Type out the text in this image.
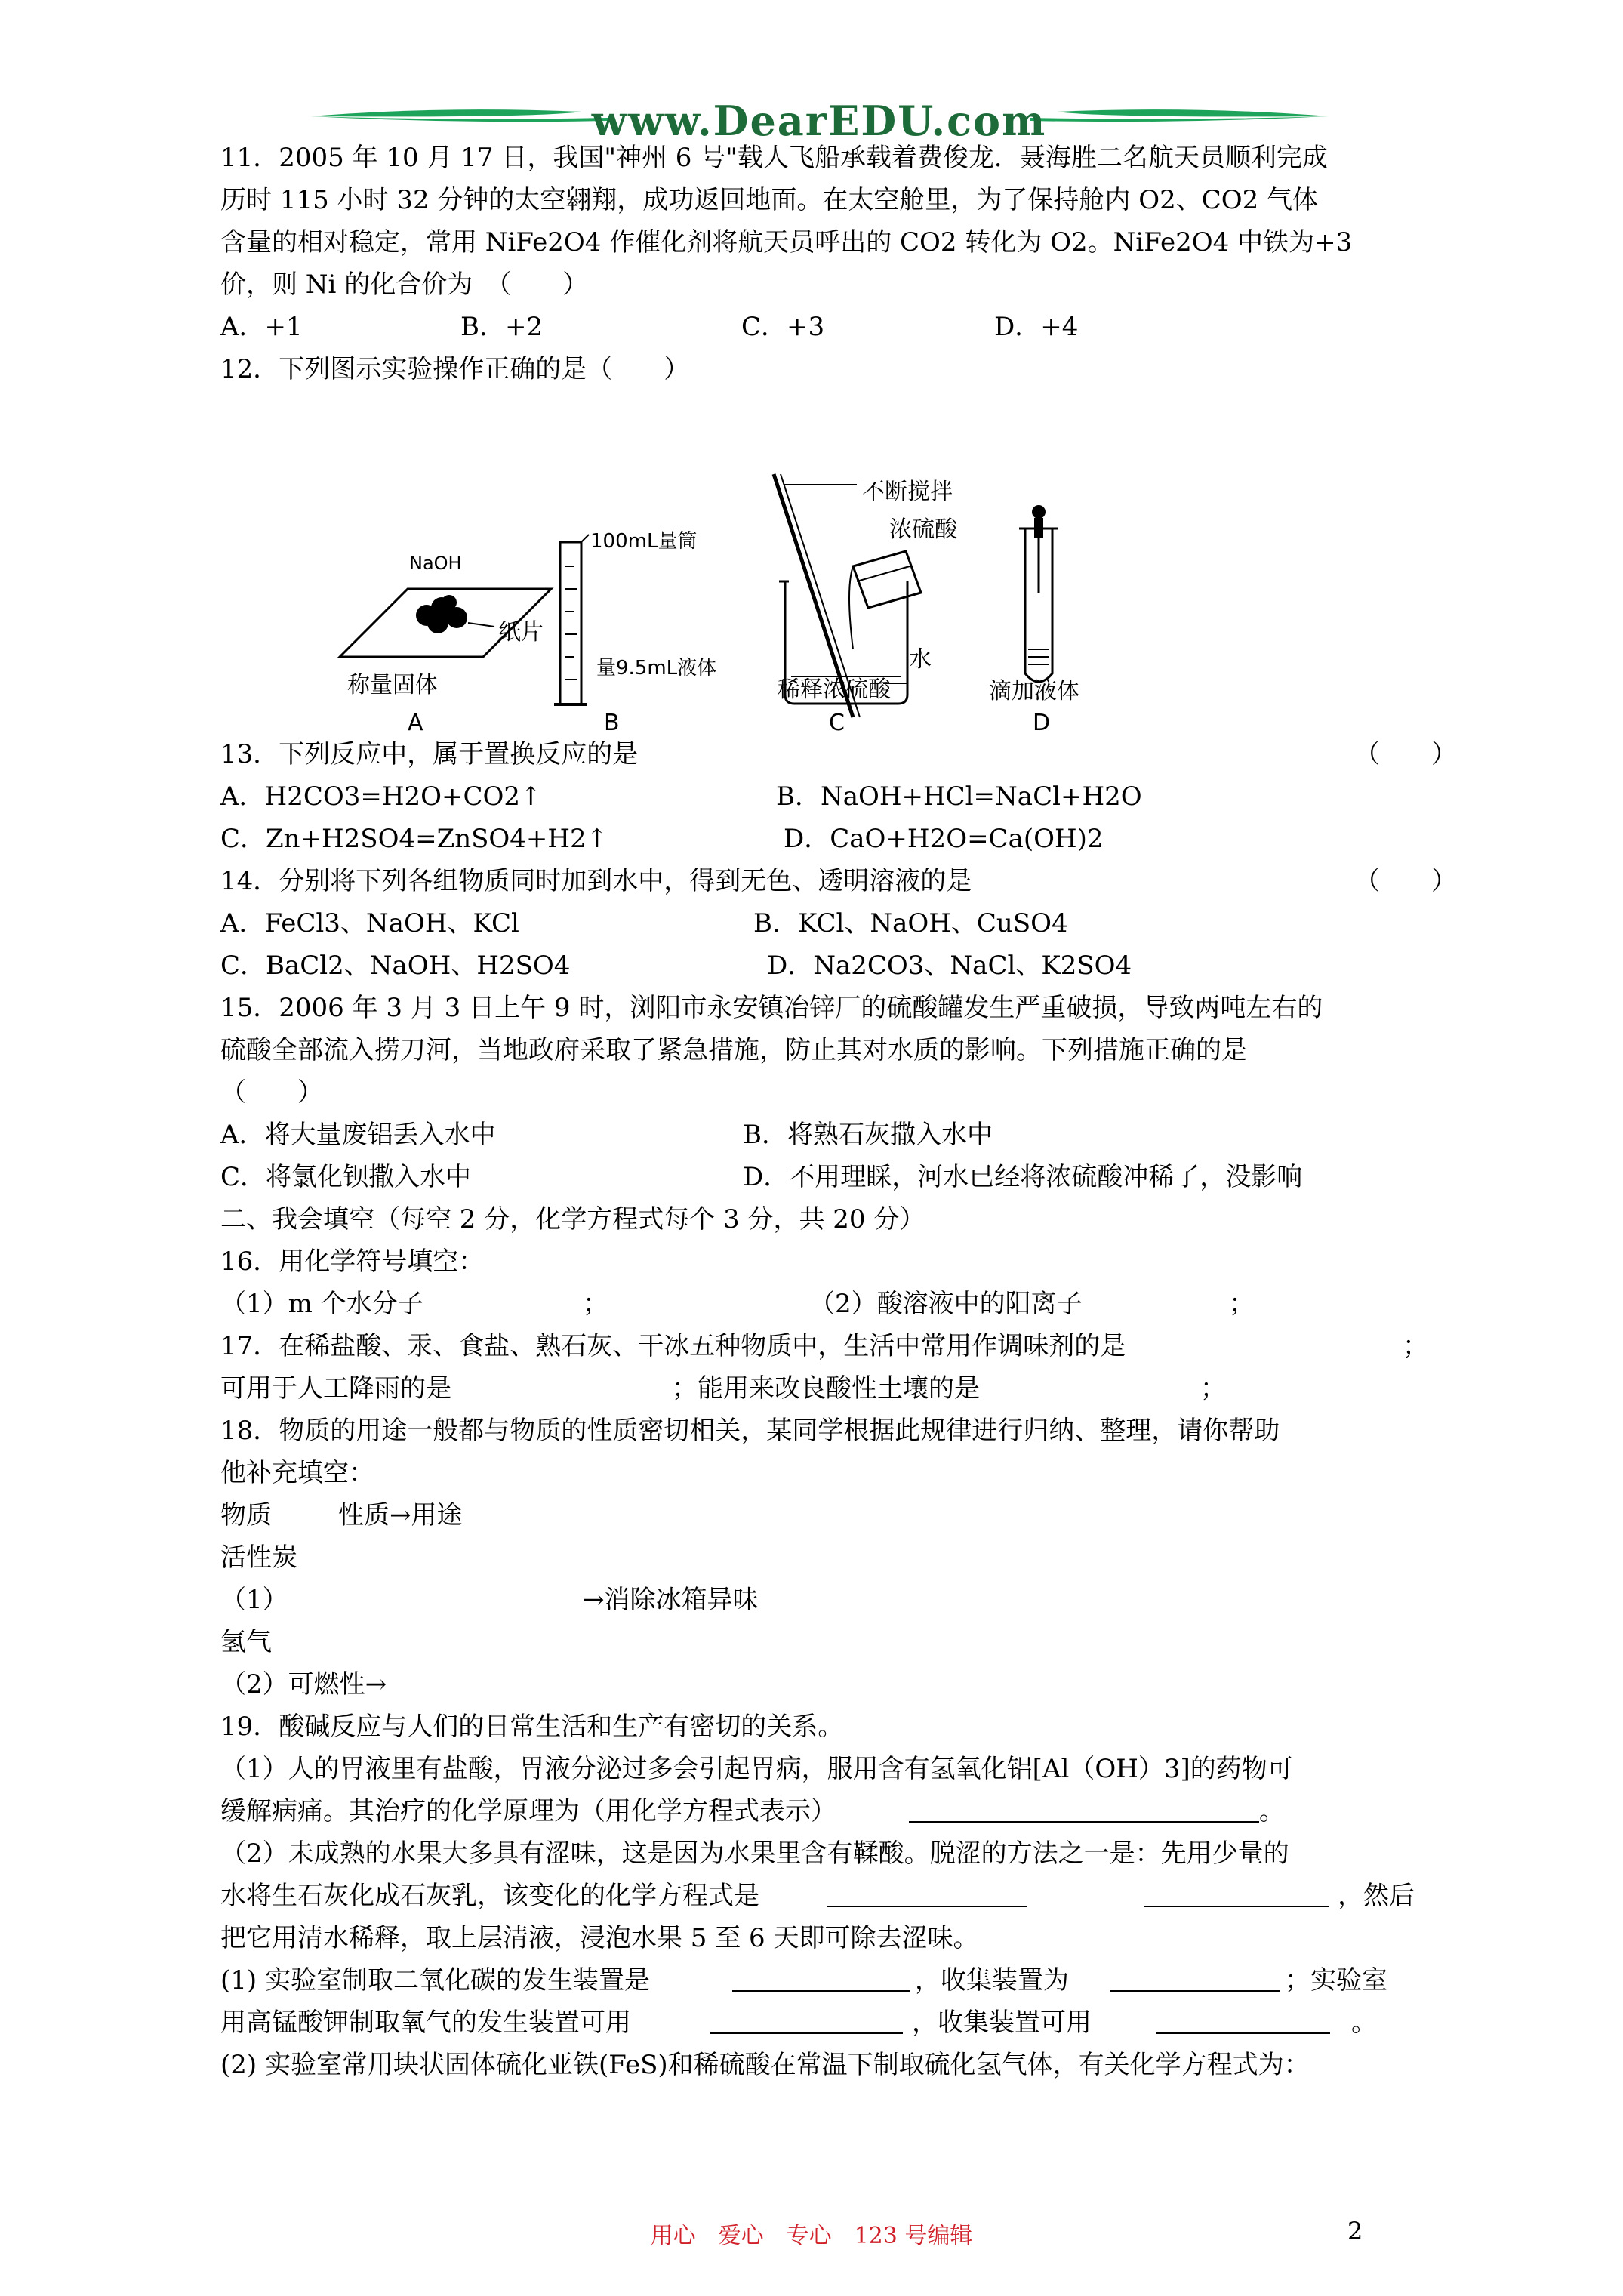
www.DearEDU.com
11．2005 年 10 月 17 日，我国"神州 6 号"载人飞船承载着费俊龙．聂海胜二名航天员顺利完成
历时 115 小时 32 分钟的太空翱翔，成功返回地面。在太空舱里，为了保持舱内 O2、CO2 气体
含量的相对稳定，常用 NiFe2O4 作催化剂将航天员呼出的 CO2 转化为 O2。NiFe2O4 中铁为+3
价，则 Ni 的化合价为　（　　）
A．+1	B．+2	C．+3	D．+4
12．下列图示实验操作正确的是（　　）
NaOH
纸片
称量固体
A
100mL量筒
量9.5mL液体
B
不断搅拌
浓硫酸
水
稀释浓硫酸
C
滴加液体
D
13．下列反应中，属于置换反应的是	（　　）
A．H2CO3=H2O+CO2↑	B．NaOH+HCl=NaCl+H2O
C．Zn+H2SO4=ZnSO4+H2↑	D．CaO+H2O=Ca(OH)2
14．分别将下列各组物质同时加到水中，得到无色、透明溶液的是	（　　）
A．FeCl3、NaOH、KCl	B．KCl、NaOH、CuSO4
C．BaCl2、NaOH、H2SO4	D．Na2CO3、NaCl、K2SO4
15．2006 年 3 月 3 日上午 9 时，浏阳市永安镇冶锌厂的硫酸罐发生严重破损，导致两吨左右的
硫酸全部流入捞刀河，当地政府采取了紧急措施，防止其对水质的影响。下列措施正确的是
（　　）
A．将大量废铝丢入水中	B．将熟石灰撒入水中
C．将氯化钡撒入水中	D．不用理睬，河水已经将浓硫酸冲稀了，没影响
二、我会填空（每空 2 分，化学方程式每个 3 分，共 20 分）
16．用化学符号填空：
（1）m 个水分子	；	（2）酸溶液中的阳离子	；
17．在稀盐酸、汞、食盐、熟石灰、干冰五种物质中，生活中常用作调味剂的是	；
可用于人工降雨的是	；能用来改良酸性土壤的是	；
18．物质的用途一般都与物质的性质密切相关，某同学根据此规律进行归纳、整理，请你帮助
他补充填空：
物质	性质→用途
活性炭
（1）	→消除冰箱异味
氢气
（2）可燃性→
19．酸碱反应与人们的日常生活和生产有密切的关系。
（1）人的胃液里有盐酸，胃液分泌过多会引起胃病，服用含有氢氧化铝[Al（OH）3]的药物可
缓解病痛。其治疗的化学原理为（用化学方程式表示）	。
（2）未成熟的水果大多具有涩味，这是因为水果里含有鞣酸。脱涩的方法之一是：先用少量的
水将生石灰化成石灰乳，该变化的化学方程式是	，然后
把它用清水稀释，取上层清液，浸泡水果 5 至 6 天即可除去涩味。
(1) 实验室制取二氧化碳的发生装置是	，收集装置为	；实验室
用高锰酸钾制取氧气的发生装置可用	，收集装置可用	。
(2) 实验室常用块状固体硫化亚铁(FeS)和稀硫酸在常温下制取硫化氢气体，有关化学方程式为：
用心　爱心　专心　123 号编辑	2
